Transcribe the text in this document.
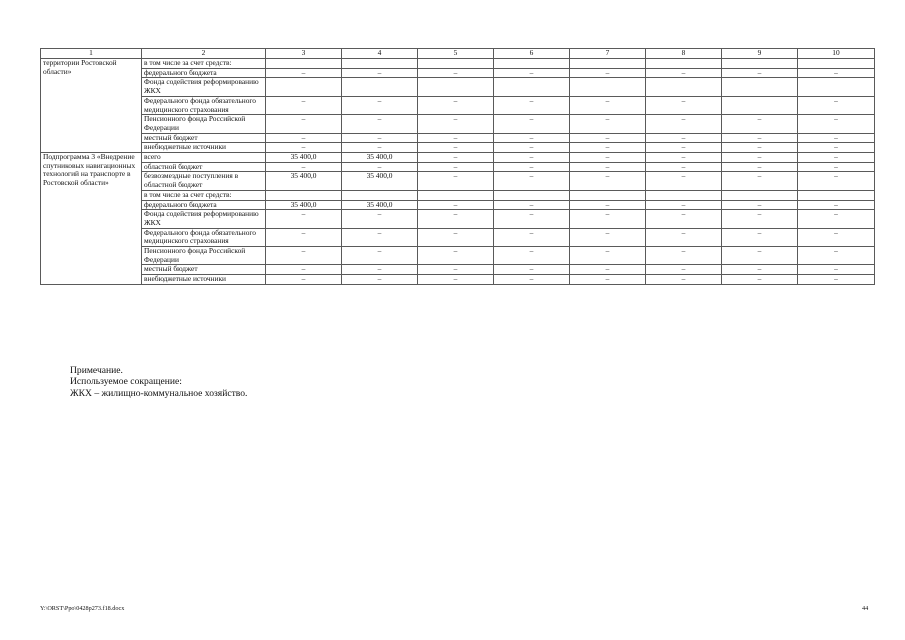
1	2	3	4	5	6	7	8	9	10
территории Ростовской области»	в том числе за счет средств:								
	федерального бюджета	–	–	–	–	–	–	–	–
	Фонда содействия реформированию ЖКХ								
	Федерального фонда обязательного медицинского страхования	–	–	–	–	–	–		–
	Пенсионного фонда Российской Федерации	–	–	–	–	–	–	–	–
	местный бюджет	–	–	–	–	–	–	–	–
	внебюджетные источники	–	–	–	–	–	–	–	–
Подпрограмма 3 «Внедрение спутниковых навигационных технологий на транспорте в Ростовской области»	всего	35 400,0	35 400,0	–	–	–	–	–	–
	областной бюджет	–	–	–	–	–	–	–	–
	безвозмездные поступления в областной бюджет	35 400,0	35 400,0	–	–	–	–	–	–
	в том числе за счет средств:								
	федерального бюджета	35 400,0	35 400,0	–	–	–	–	–	–
	Фонда содействия реформированию ЖКХ	–	–	–	–	–	–	–	–
	Федерального фонда обязательного медицинского страхования	–	–	–	–	–	–	–	–
	Пенсионного фонда Российской Федерации	–	–	–	–	–	–	–	–
	местный бюджет	–	–	–	–	–	–	–	–
	внебюджетные источники	–	–	–	–	–	–	–	–
Примечание.
Используемое сокращение:
ЖКХ – жилищно-коммунальное хозяйство.
Y:\ORST\Ppo\0428p273.f18.docx	44
